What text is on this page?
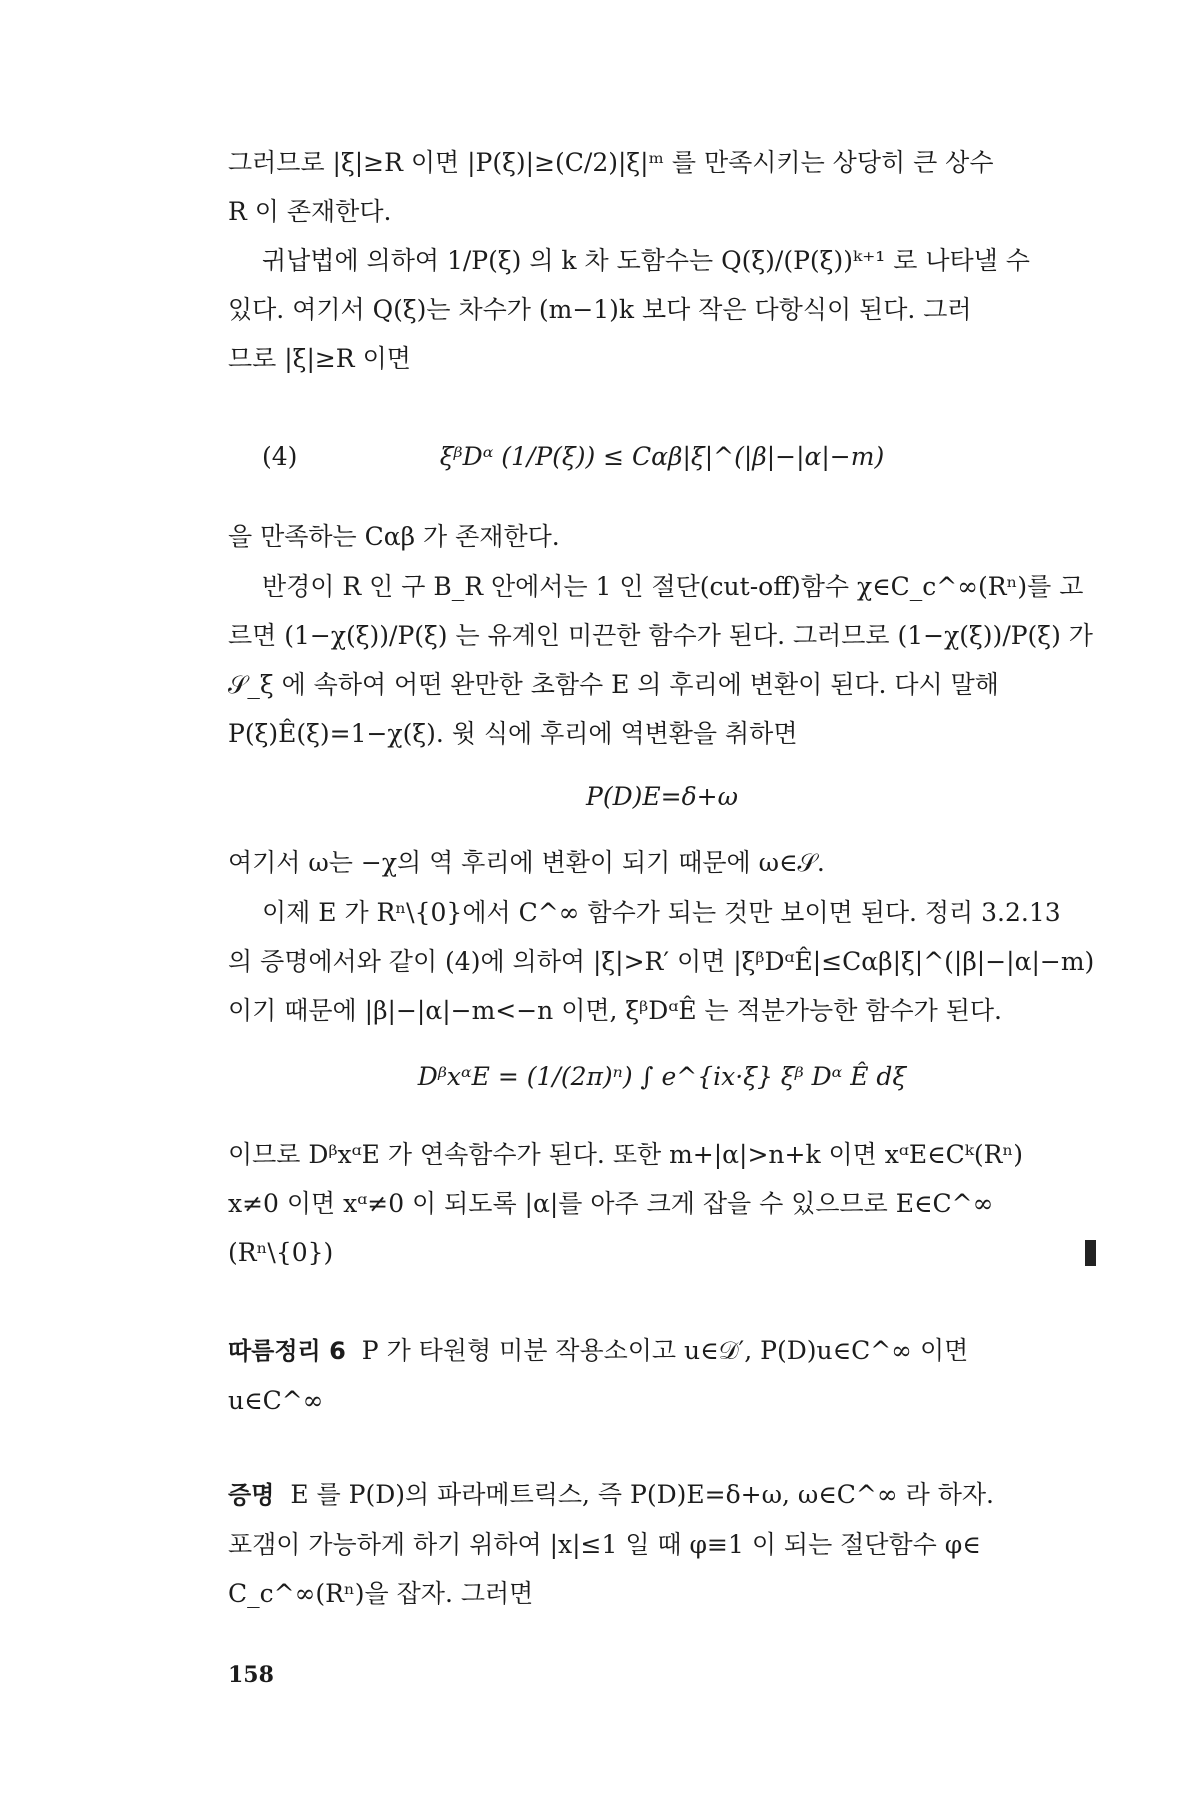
그러므로 |ξ|≥R 이면 |P(ξ)|≥(C/2)|ξ|ᵐ 를 만족시키는 상당히 큰 상수

R 이 존재한다.

귀납법에 의하여 1/P(ξ) 의 k 차 도함수는 Q(ξ)/(P(ξ))ᵏ⁺¹ 로 나타낼 수

있다. 여기서 Q(ξ)는 차수가 (m−1)k 보다 작은 다항식이 된다. 그러

므로 |ξ|≥R 이면

(4)	ξᵝDᵅ (1/P(ξ)) ≤ Cαβ|ξ|^(|β|−|α|−m)

을 만족하는 Cαβ 가 존재한다.

반경이 R 인 구 B_R 안에서는 1 인 절단(cut-off)함수 χ∈C_c^∞(Rⁿ)를 고

르면 (1−χ(ξ))/P(ξ) 는 유계인 미끈한 함수가 된다. 그러므로 (1−χ(ξ))/P(ξ) 가

𝒮_ξ 에 속하여 어떤 완만한 초함수 E 의 후리에 변환이 된다. 다시 말해

P(ξ)Ê(ξ)=1−χ(ξ). 윗 식에 후리에 역변환을 취하면

P(D)E=δ+ω

여기서 ω는 −χ의 역 후리에 변환이 되기 때문에 ω∈𝒮.

이제 E 가 Rⁿ\{0}에서 C^∞ 함수가 되는 것만 보이면 된다. 정리 3.2.13

의 증명에서와 같이 (4)에 의하여 |ξ|>R′ 이면 |ξᵝDᵅÊ|≤Cαβ|ξ|^(|β|−|α|−m)

이기 때문에 |β|−|α|−m<−n 이면, ξᵝDᵅÊ 는 적분가능한 함수가 된다.

DᵝxᵅE = (1/(2π)ⁿ) ∫ e^{ix·ξ} ξᵝ Dᵅ Ê dξ

이므로 DᵝxᵅE 가 연속함수가 된다. 또한 m+|α|>n+k 이면 xᵅE∈Cᵏ(Rⁿ)

x≠0 이면 xᵅ≠0 이 되도록 |α|를 아주 크게 잡을 수 있으므로 E∈C^∞

(Rⁿ\{0})

따름정리 6 P 가 타원형 미분 작용소이고 u∈𝒟′, P(D)u∈C^∞ 이면

u∈C^∞

증명 E 를 P(D)의 파라메트릭스, 즉 P(D)E=δ+ω, ω∈C^∞ 라 하자.

포갬이 가능하게 하기 위하여 |x|≤1 일 때 φ≡1 이 되는 절단함수 φ∈

C_c^∞(Rⁿ)을 잡자. 그러면

158
